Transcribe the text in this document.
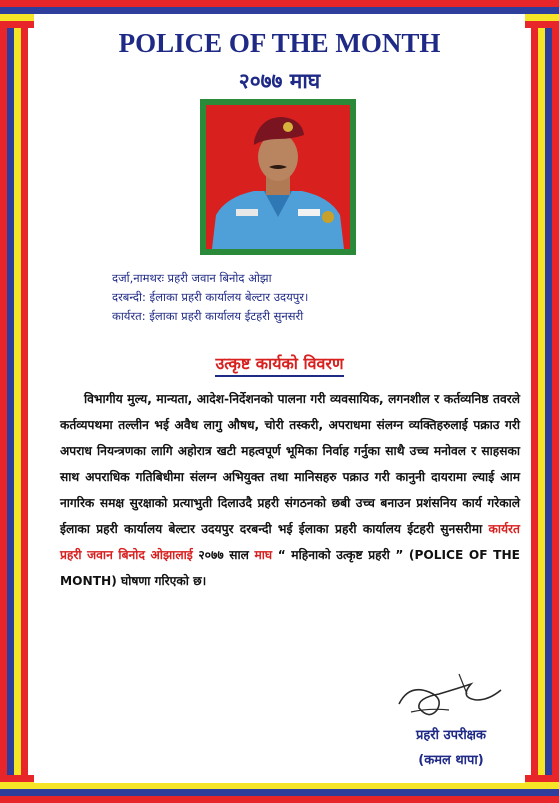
POLICE OF THE MONTH
२०७७ माघ
दर्जा,नामथरः प्रहरी जवान बिनोद ओझा
दरबन्दी: ईलाका प्रहरी कार्यालय बेल्टार उदयपुर।
कार्यरत: ईलाका प्रहरी कार्यालय ईटहरी सुनसरी
उत्कृष्ट कार्यको विवरण
विभागीय मुल्य, मान्यता, आदेश-निर्देशनको पालना गरी व्यवसायिक, लगनशील र कर्तव्यनिष्ठ तवरले कर्तव्यपथमा तल्लीन भई अवैध लागु औषध, चोरी तस्करी, अपराधमा संलग्न व्यक्तिहरुलाई पक्राउ गरी अपराध नियन्त्रणका लागि अहोरात्र खटी महत्वपूर्ण भूमिका निर्वाह गर्नुका साथै उच्च मनोवल र साहसका साथ अपराधिक गतिबिधीमा संलग्न अभियुक्त तथा मानिसहरु पक्राउ गरी कानुनी दायरामा ल्याई आम नागरिक समक्ष सुरक्षाको प्रत्याभुती दिलाउदै प्रहरी संगठनको छबी उच्च बनाउन प्रशंसनिय कार्य गरेकाले ईलाका प्रहरी कार्यालय बेल्टार उदयपुर दरबन्दी भई ईलाका प्रहरी कार्यालय ईटहरी सुनसरीमा कार्यरत प्रहरी जवान बिनोद ओझालाई २०७७ साल माघ “ महिनाको उत्कृष्ट प्रहरी ” (POLICE OF THE MONTH) घोषणा गरिएको छ।
प्रहरी उपरीक्षक
(कमल थापा)
